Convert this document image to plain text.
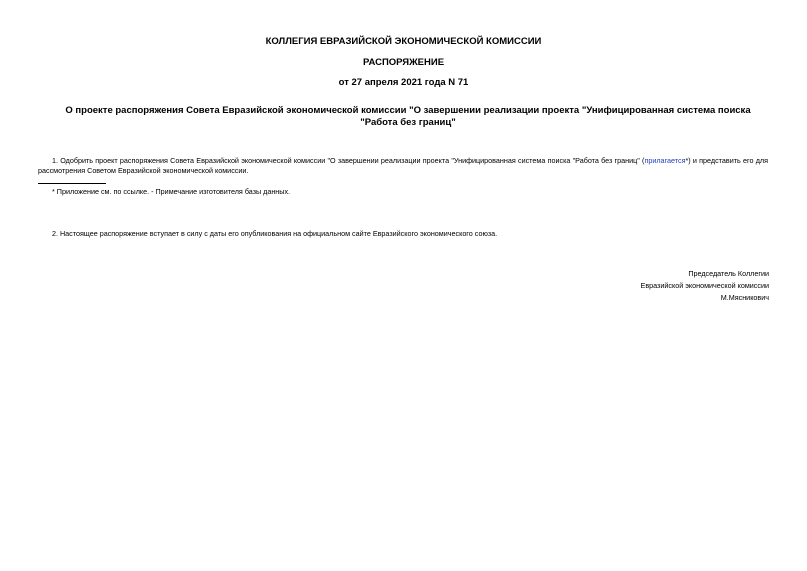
КОЛЛЕГИЯ ЕВРАЗИЙСКОЙ ЭКОНОМИЧЕСКОЙ КОМИССИИ
РАСПОРЯЖЕНИЕ
от 27 апреля 2021 года N 71
О проекте распоряжения Совета Евразийской экономической комиссии "О завершении реализации проекта "Унифицированная система поиска "Работа без границ"
1. Одобрить проект распоряжения Совета Евразийской экономической комиссии "О завершении реализации проекта "Унифицированная система поиска "Работа без границ" (прилагается*) и представить его для рассмотрения Советом Евразийской экономической комиссии.
* Приложение см. по ссылке. - Примечание изготовителя базы данных.
2. Настоящее распоряжение вступает в силу с даты его опубликования на официальном сайте Евразийского экономического союза.
Председатель Коллегии
Евразийской экономической комиссии
М.Мясникович
